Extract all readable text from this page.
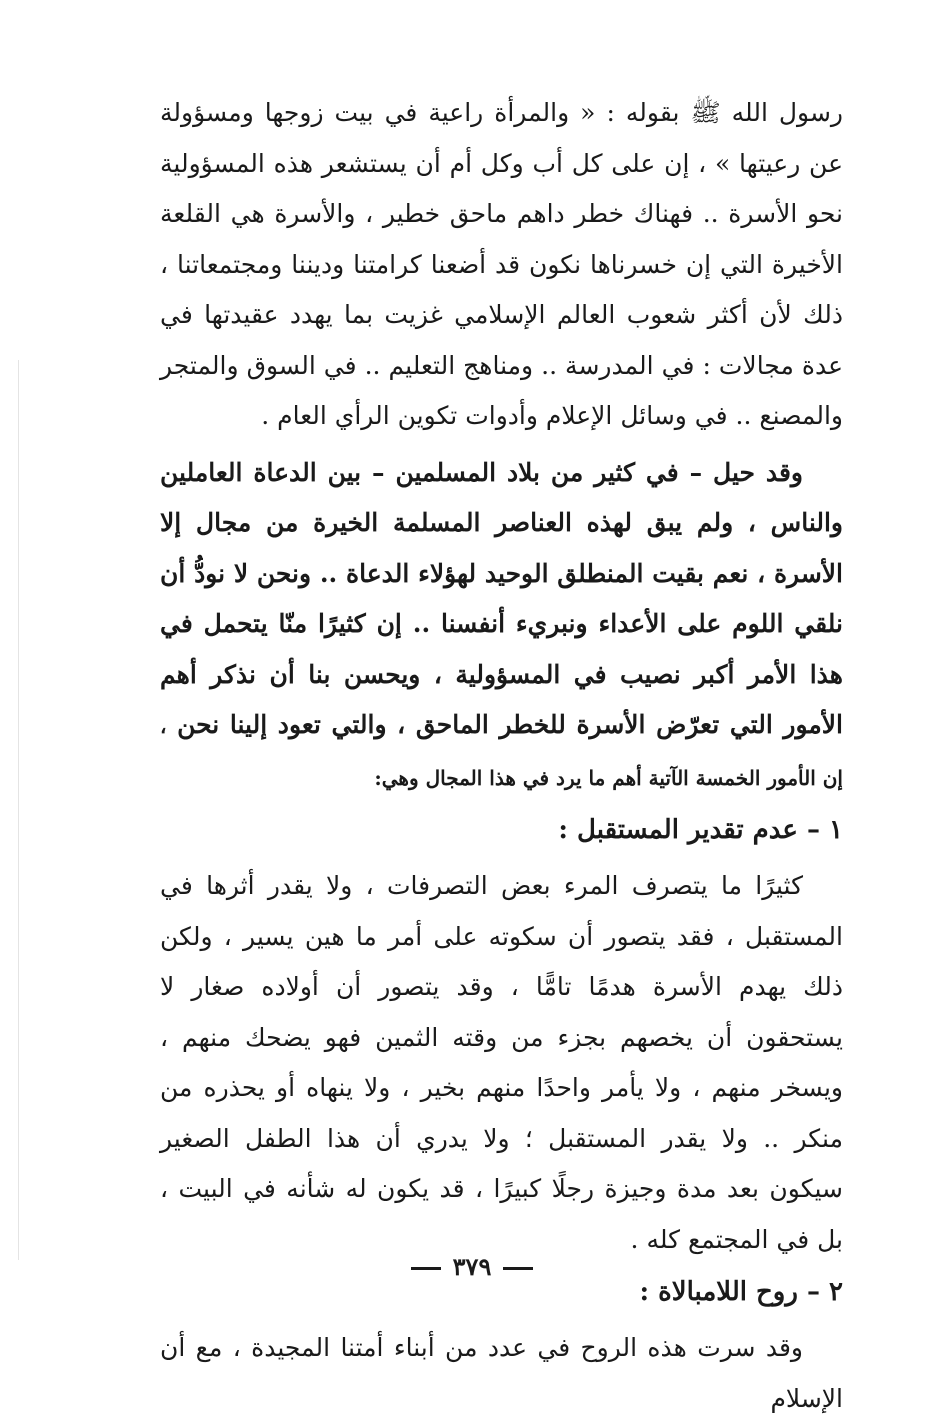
رسول الله ﷺ بقوله : « والمرأة راعية في بيت زوجها ومسؤولة عن رعيتها » ، إن على كل أب وكل أم أن يستشعر هذه المسؤولية نحو الأسرة .. فهناك خطر داهم ماحق خطير ، والأسرة هي القلعة الأخيرة التي إن خسرناها نكون قد أضعنا كرامتنا وديننا ومجتمعاتنا ، ذلك لأن أكثر شعوب العالم الإسلامي غزيت بما يهدد عقيدتها في عدة مجالات : في المدرسة .. ومناهج التعليم .. في السوق والمتجر والمصنع .. في وسائل الإعلام وأدوات تكوين الرأي العام .

وقد حيل – في كثير من بلاد المسلمين – بين الدعاة العاملين والناس ، ولم يبق لهذه العناصر المسلمة الخيرة من مجال إلا الأسرة ، نعم بقيت المنطلق الوحيد لهؤلاء الدعاة .. ونحن لا نودُّ أن نلقي اللوم على الأعداء ونبريء أنفسنا .. إن كثيرًا منّا يتحمل في هذا الأمر أكبر نصيب في المسؤولية ، ويحسن بنا أن نذكر أهم الأمور التي تعرّض الأسرة للخطر الماحق ، والتي تعود إلينا نحن ، إن الأمور الخمسة الآتية أهم ما يرد في هذا المجال وهي:

١ – عدم تقدير المستقبل :

كثيرًا ما يتصرف المرء بعض التصرفات ، ولا يقدر أثرها في المستقبل ، فقد يتصور أن سكوته على أمر ما هين يسير ، ولكن ذلك يهدم الأسرة هدمًا تامًّا ، وقد يتصور أن أولاده صغار لا يستحقون أن يخصهم بجزء من وقته الثمين فهو يضحك منهم ، ويسخر منهم ، ولا يأمر واحدًا منهم بخير ، ولا ينهاه أو يحذره من منكر .. ولا يقدر المستقبل ؛ ولا يدري أن هذا الطفل الصغير سيكون بعد مدة وجيزة رجلًا كبيرًا ، قد يكون له شأنه في البيت ، بل في المجتمع كله .

٢ – روح اللامبالاة :

وقد سرت هذه الروح في عدد من أبناء أمتنا المجيدة ، مع أن الإسلام

٣٧٩
